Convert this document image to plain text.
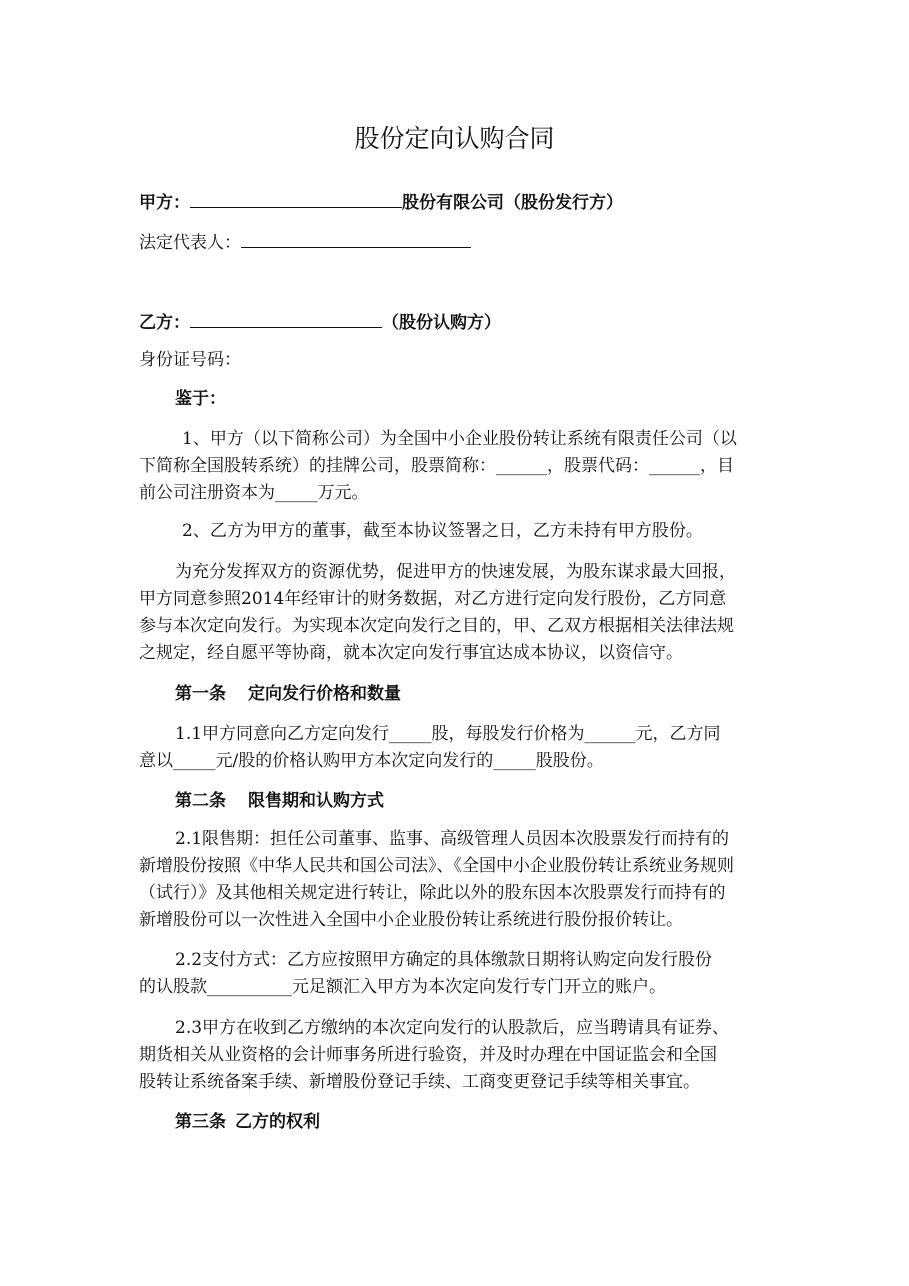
股份定向认购合同
甲方：	股份有限公司（股份发行方）
法定代表人：
乙方：	（股份认购方）
身份证号码：
鉴于：
1、甲方（以下简称公司）为全国中小企业股份转让系统有限责任公司（以
下简称全国股转系统）的挂牌公司，股票简称：______，股票代码：______，目
前公司注册资本为_____万元。
2、乙方为甲方的董事，截至本协议签署之日，乙方未持有甲方股份。
为充分发挥双方的资源优势，促进甲方的快速发展，为股东谋求最大回报，
甲方同意参照2014年经审计的财务数据，对乙方进行定向发行股份，乙方同意
参与本次定向发行。为实现本次定向发行之目的，甲、乙双方根据相关法律法规
之规定，经自愿平等协商，就本次定向发行事宜达成本协议，以资信守。
第一条 定向发行价格和数量
1.1甲方同意向乙方定向发行_____股，每股发行价格为______元，乙方同
意以_____元/股的价格认购甲方本次定向发行的_____股股份。
第二条 限售期和认购方式
2.1限售期：担任公司董事、监事、高级管理人员因本次股票发行而持有的
新增股份按照《中华人民共和国公司法》、《全国中小企业股份转让系统业务规则
（试行）》及其他相关规定进行转让，除此以外的股东因本次股票发行而持有的
新增股份可以一次性进入全国中小企业股份转让系统进行股份报价转让。
2.2支付方式：乙方应按照甲方确定的具体缴款日期将认购定向发行股份
的认股款__________元足额汇入甲方为本次定向发行专门开立的账户。
2.3甲方在收到乙方缴纳的本次定向发行的认股款后，应当聘请具有证券、
期货相关从业资格的会计师事务所进行验资，并及时办理在中国证监会和全国
股转让系统备案手续、新增股份登记手续、工商变更登记手续等相关事宜。
第三条 乙方的权利
